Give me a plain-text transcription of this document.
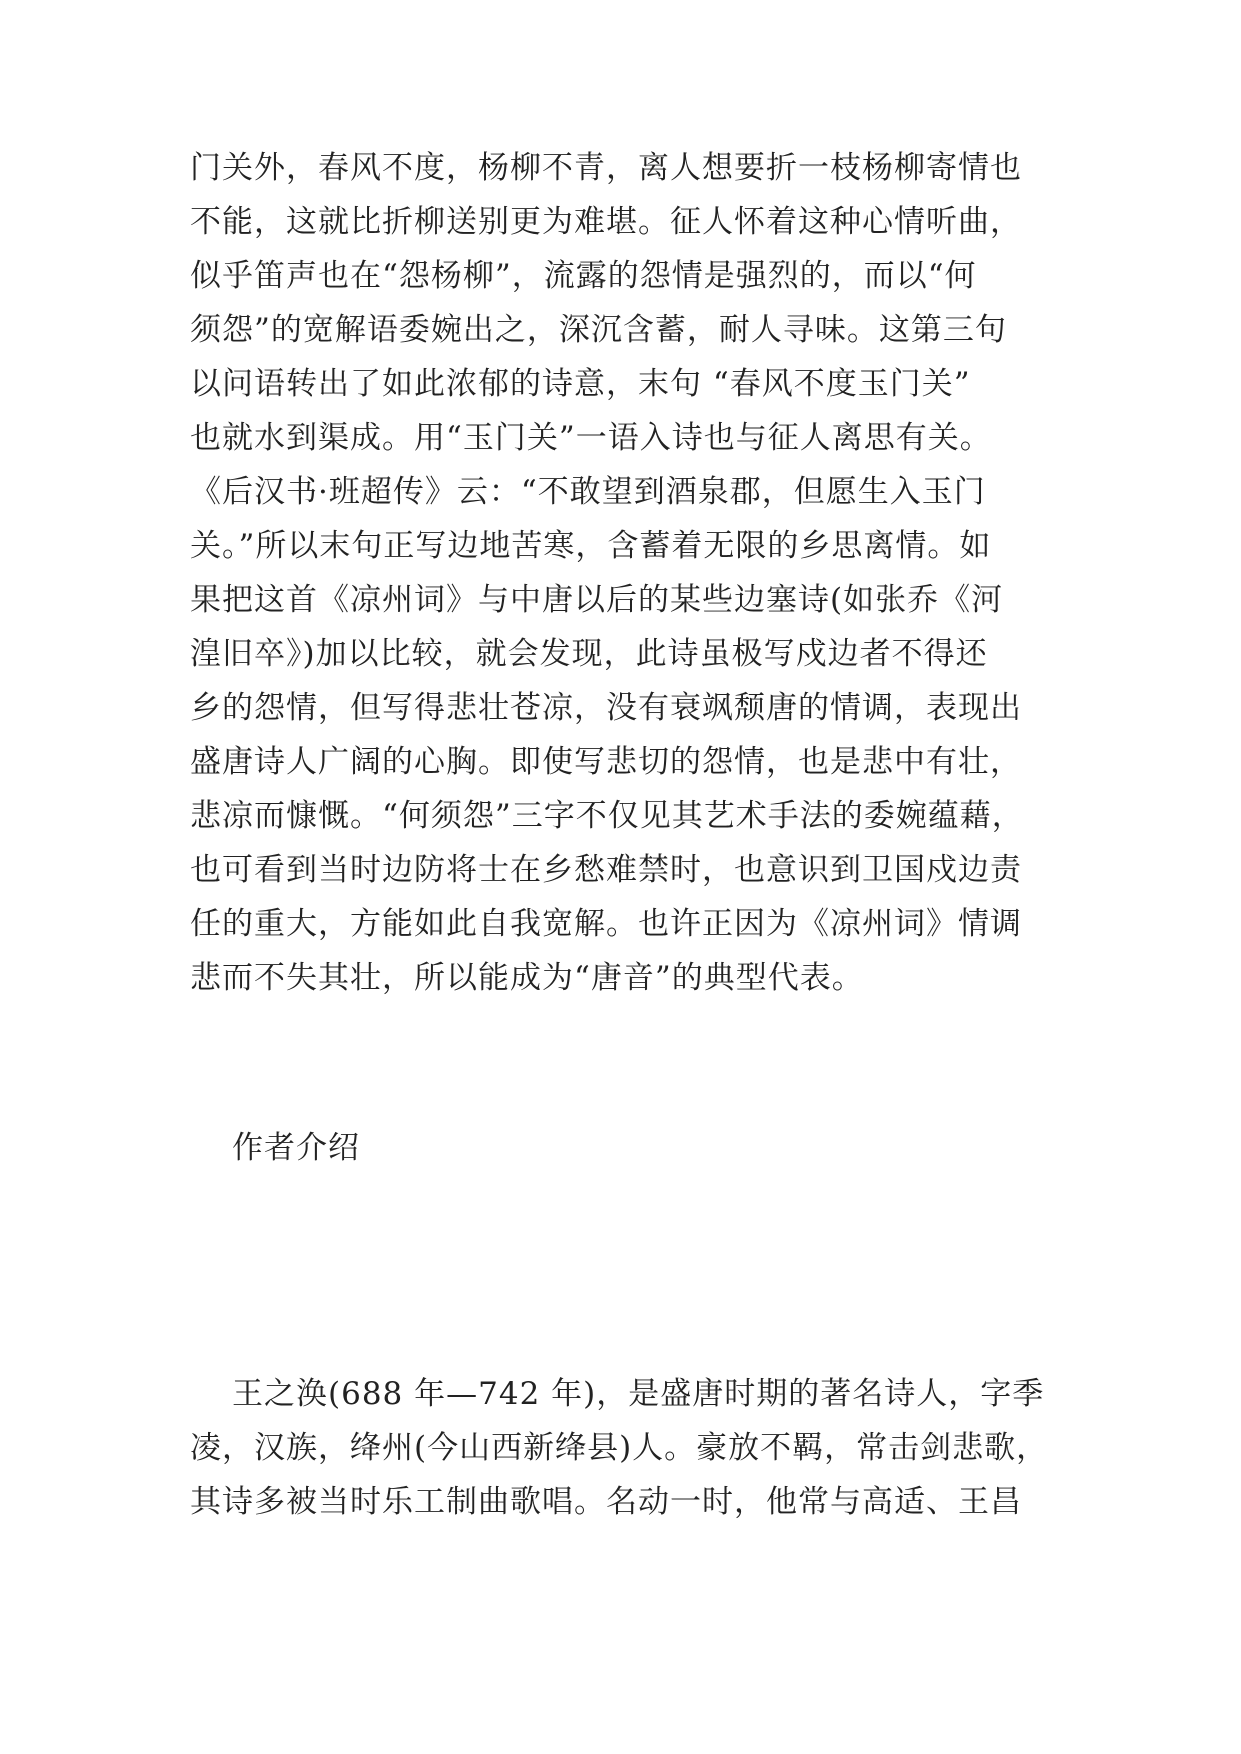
门关外，春风不度，杨柳不青，离人想要折一枝杨柳寄情也
不能，这就比折柳送别更为难堪。征人怀着这种心情听曲，
似乎笛声也在“怨杨柳”，流露的怨情是强烈的，而以“何
须怨”的宽解语委婉出之，深沉含蓄，耐人寻味。这第三句
以问语转出了如此浓郁的诗意，末句 “春风不度玉门关”
也就水到渠成。用“玉门关”一语入诗也与征人离思有关。
《后汉书·班超传》云：“不敢望到酒泉郡，但愿生入玉门
关。”所以末句正写边地苦寒，含蓄着无限的乡思离情。如
果把这首《凉州词》与中唐以后的某些边塞诗(如张乔《河
湟旧卒》)加以比较，就会发现，此诗虽极写戍边者不得还
乡的怨情，但写得悲壮苍凉，没有衰飒颓唐的情调，表现出
盛唐诗人广阔的心胸。即使写悲切的怨情，也是悲中有壮，
悲凉而慷慨。“何须怨”三字不仅见其艺术手法的委婉蕴藉，
也可看到当时边防将士在乡愁难禁时，也意识到卫国戍边责
任的重大，方能如此自我宽解。也许正因为《凉州词》情调
悲而不失其壮，所以能成为“唐音”的典型代表。
作者介绍
王之涣(688 年—742 年)，是盛唐时期的著名诗人，字季
凌，汉族，绛州(今山西新绛县)人。豪放不羁，常击剑悲歌，
其诗多被当时乐工制曲歌唱。名动一时，他常与高适、王昌
